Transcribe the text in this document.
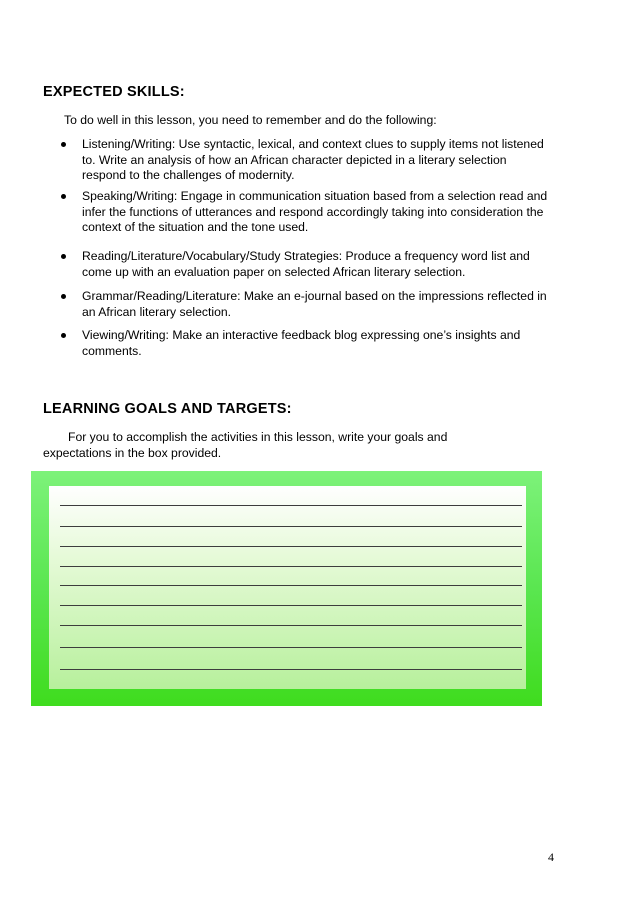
EXPECTED SKILLS:
To do well in this lesson, you need to remember and do the following:
Listening/Writing: Use syntactic, lexical, and context clues to supply items not listened to. Write an analysis of how an African character depicted in a literary selection respond to the challenges of modernity.
Speaking/Writing: Engage in communication situation based from a selection read and infer the functions of utterances and respond accordingly taking into consideration the context of the situation and the tone used.
Reading/Literature/Vocabulary/Study Strategies: Produce a frequency word list and come up with an evaluation paper on selected African literary selection.
Grammar/Reading/Literature: Make an e-journal based on the impressions reflected in an African literary selection.
Viewing/Writing: Make an interactive feedback blog expressing one’s insights and comments.
LEARNING GOALS AND TARGETS:
For you to accomplish the activities in this lesson, write your goals and expectations in the box provided.
4
